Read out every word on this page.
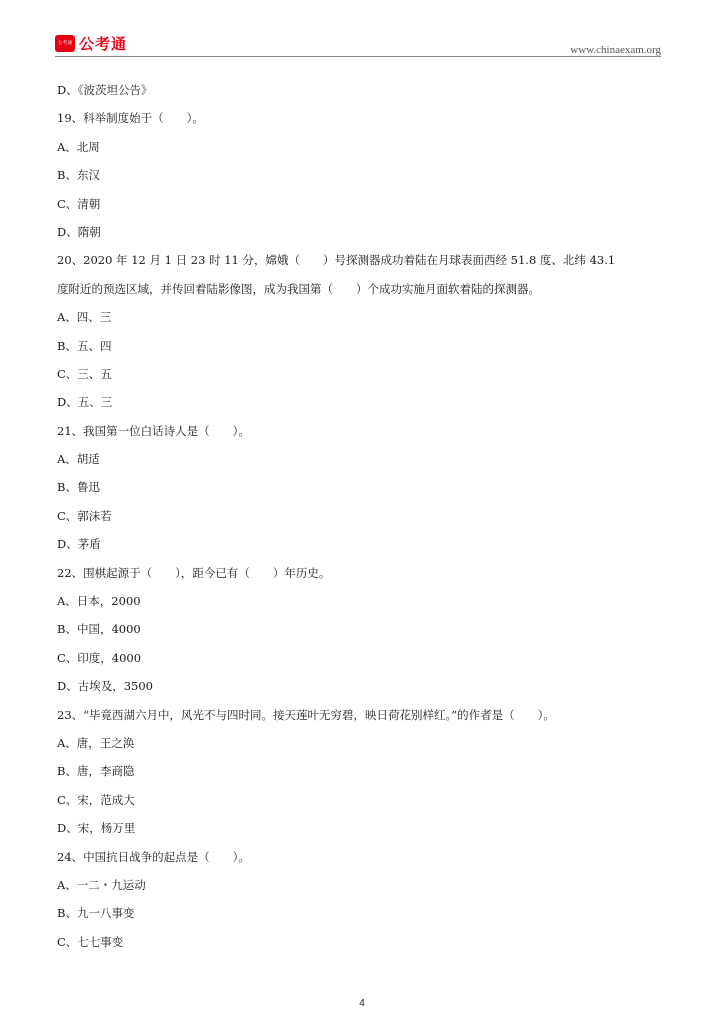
公考通 公考通	www.chinaexam.org
D、《波茨坦公告》
19、科举制度始于（　　）。
A、北周
B、东汉
C、清朝
D、隋朝
20、2020 年 12 月 1 日 23 时 11 分，嫦娥（　　）号探测器成功着陆在月球表面西经 51.8 度、北纬 43.1
度附近的预选区域，并传回着陆影像图，成为我国第（　　）个成功实施月面软着陆的探测器。
A、四、三
B、五、四
C、三、五
D、五、三
21、我国第一位白话诗人是（　　）。
A、胡适
B、鲁迅
C、郭沫若
D、茅盾
22、围棋起源于（　　），距今已有（　　）年历史。
A、日本，2000
B、中国，4000
C、印度，4000
D、古埃及，3500
23、“毕竟西湖六月中，风光不与四时同。接天莲叶无穷碧，映日荷花别样红。”的作者是（　　）。
A、唐，王之涣
B、唐，李商隐
C、宋，范成大
D、宋，杨万里
24、中国抗日战争的起点是（　　）。
A、一二・九运动
B、九一八事变
C、七七事变
4
